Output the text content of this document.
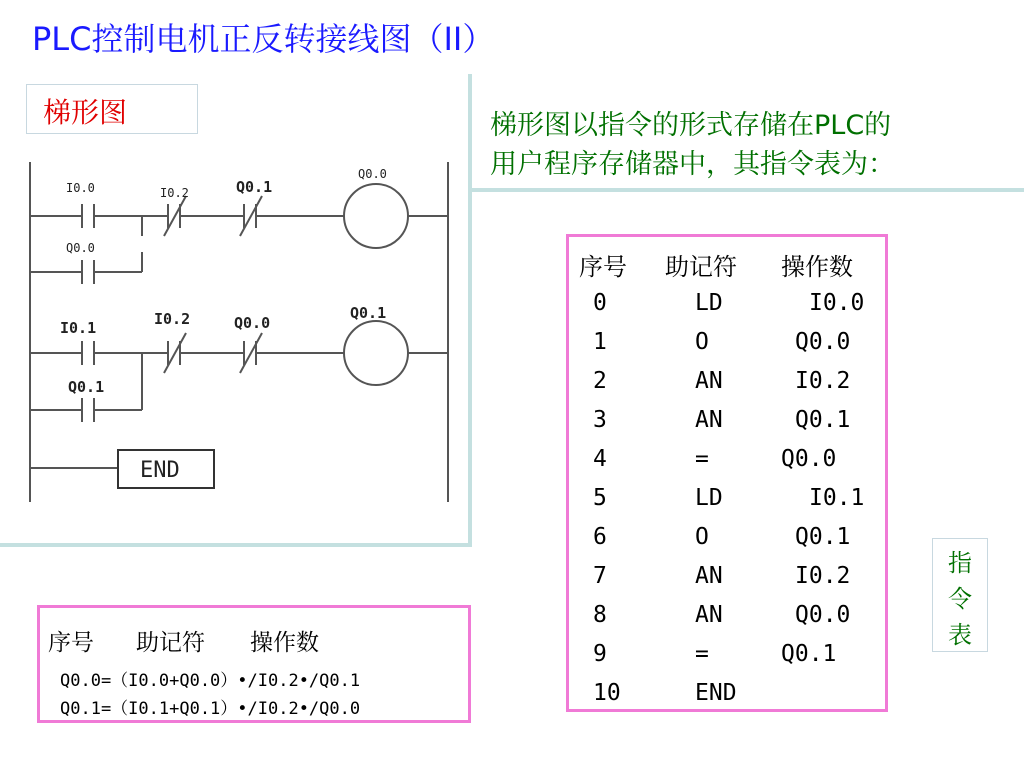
PLC控制电机正反转接线图（II）
梯形图
I0.0	I0.2	Q0.1
Q0.0
Q0.0
I0.1	I0.2	Q0.0
Q0.1
Q0.1
END
梯形图以指令的形式存储在PLC的
用户程序存储器中，其指令表为：
序号 助记符 操作数
0	LD	I0.0
1	O	Q0.0
2	AN	I0.2
3	AN	Q0.1
4	=	Q0.0
5	LD	I0.1
6	O	Q0.1
7	AN	I0.2
8	AN	Q0.0
9	=	Q0.1
10	END
指
令
表
序号 助记符 操作数
Q0.0=（I0.0+Q0.0）•/I0.2•/Q0.1
Q0.1=（I0.1+Q0.1）•/I0.2•/Q0.0
